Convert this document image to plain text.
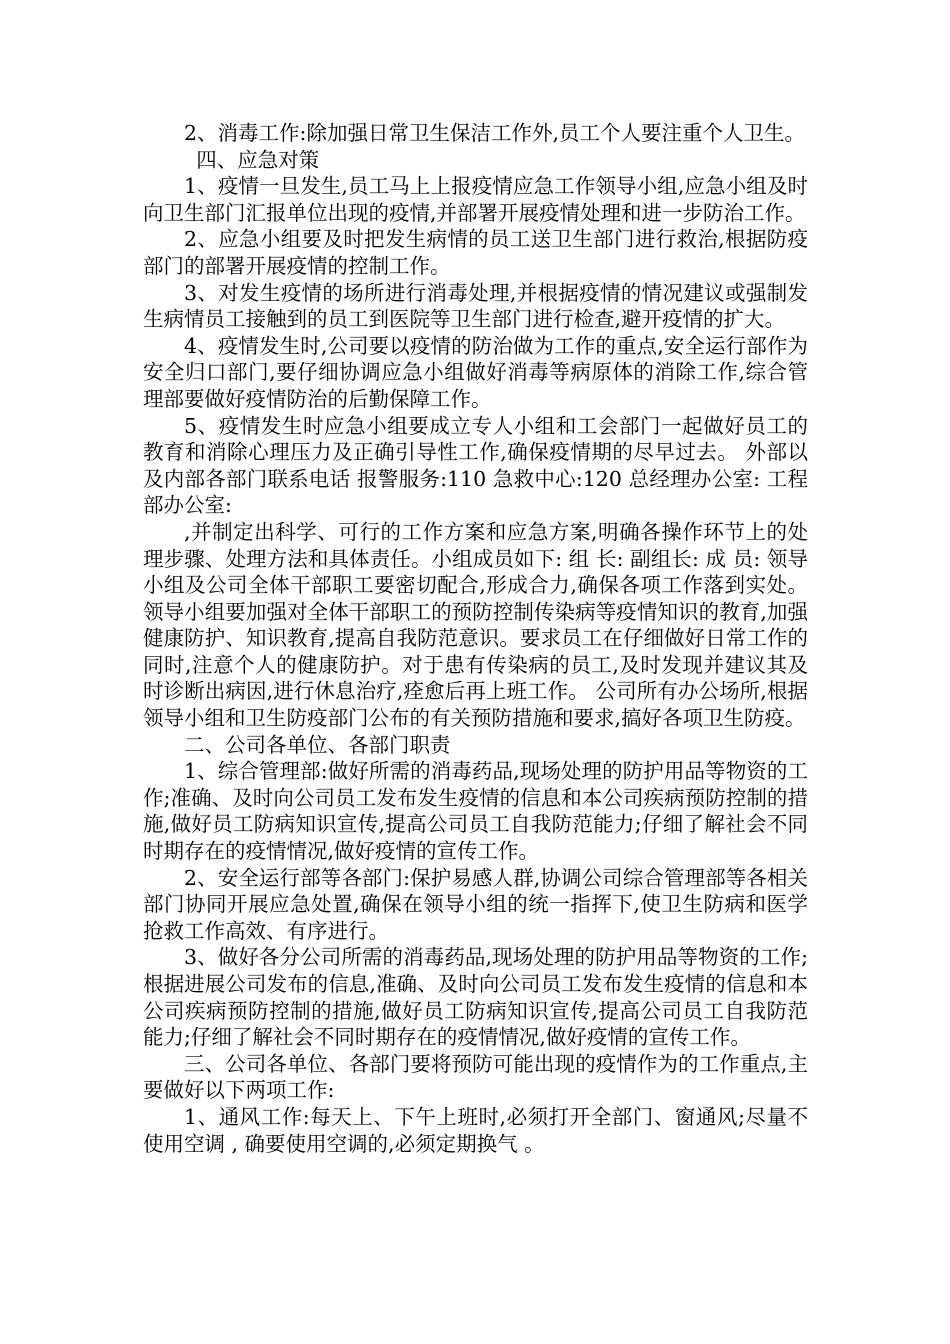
2、消毒工作:除加强日常卫生保洁工作外,员工个人要注重个人卫生。

四、应急对策

1、疫情一旦发生,员工马上上报疫情应急工作领导小组,应急小组及时向卫生部门汇报单位出现的疫情,并部署开展疫情处理和进一步防治工作。

2、应急小组要及时把发生病情的员工送卫生部门进行救治,根据防疫部门的部署开展疫情的控制工作。

3、对发生疫情的场所进行消毒处理,并根据疫情的情况建议或强制发生病情员工接触到的员工到医院等卫生部门进行检查,避开疫情的扩大。

4、疫情发生时,公司要以疫情的防治做为工作的重点,安全运行部作为安全归口部门,要仔细协调应急小组做好消毒等病原体的消除工作,综合管理部要做好疫情防治的后勤保障工作。

5、疫情发生时应急小组要成立专人小组和工会部门一起做好员工的教育和消除心理压力及正确引导性工作,确保疫情期的尽早过去。 外部以及内部各部门联系电话 报警服务:110 急救中心:120 总经理办公室: 工程部办公室:

,并制定出科学、可行的工作方案和应急方案,明确各操作环节上的处理步骤、处理方法和具体责任。小组成员如下: 组 长: 副组长: 成 员: 领导小组及公司全体干部职工要密切配合,形成合力,确保各项工作落到实处。 领导小组要加强对全体干部职工的预防控制传染病等疫情知识的教育,加强健康防护、知识教育,提高自我防范意识。要求员工在仔细做好日常工作的同时,注意个人的健康防护。对于患有传染病的员工,及时发现并建议其及时诊断出病因,进行休息治疗,痊愈后再上班工作。 公司所有办公场所,根据领导小组和卫生防疫部门公布的有关预防措施和要求,搞好各项卫生防疫。

二、公司各单位、各部门职责

1、综合管理部:做好所需的消毒药品,现场处理的防护用品等物资的工作;准确、及时向公司员工发布发生疫情的信息和本公司疾病预防控制的措施,做好员工防病知识宣传,提高公司员工自我防范能力;仔细了解社会不同时期存在的疫情情况,做好疫情的宣传工作。

2、安全运行部等各部门:保护易感人群,协调公司综合管理部等各相关部门协同开展应急处置,确保在领导小组的统一指挥下,使卫生防病和医学抢救工作高效、有序进行。

3、做好各分公司所需的消毒药品,现场处理的防护用品等物资的工作;根据进展公司发布的信息,准确、及时向公司员工发布发生疫情的信息和本公司疾病预防控制的措施,做好员工防病知识宣传,提高公司员工自我防范能力;仔细了解社会不同时期存在的疫情情况,做好疫情的宣传工作。

三、公司各单位、各部门要将预防可能出现的疫情作为的工作重点,主要做好以下两项工作:

1、通风工作:每天上、下午上班时,必须打开全部门、窗通风;尽量不使用空调 , 确要使用空调的,必须定期换气 。
